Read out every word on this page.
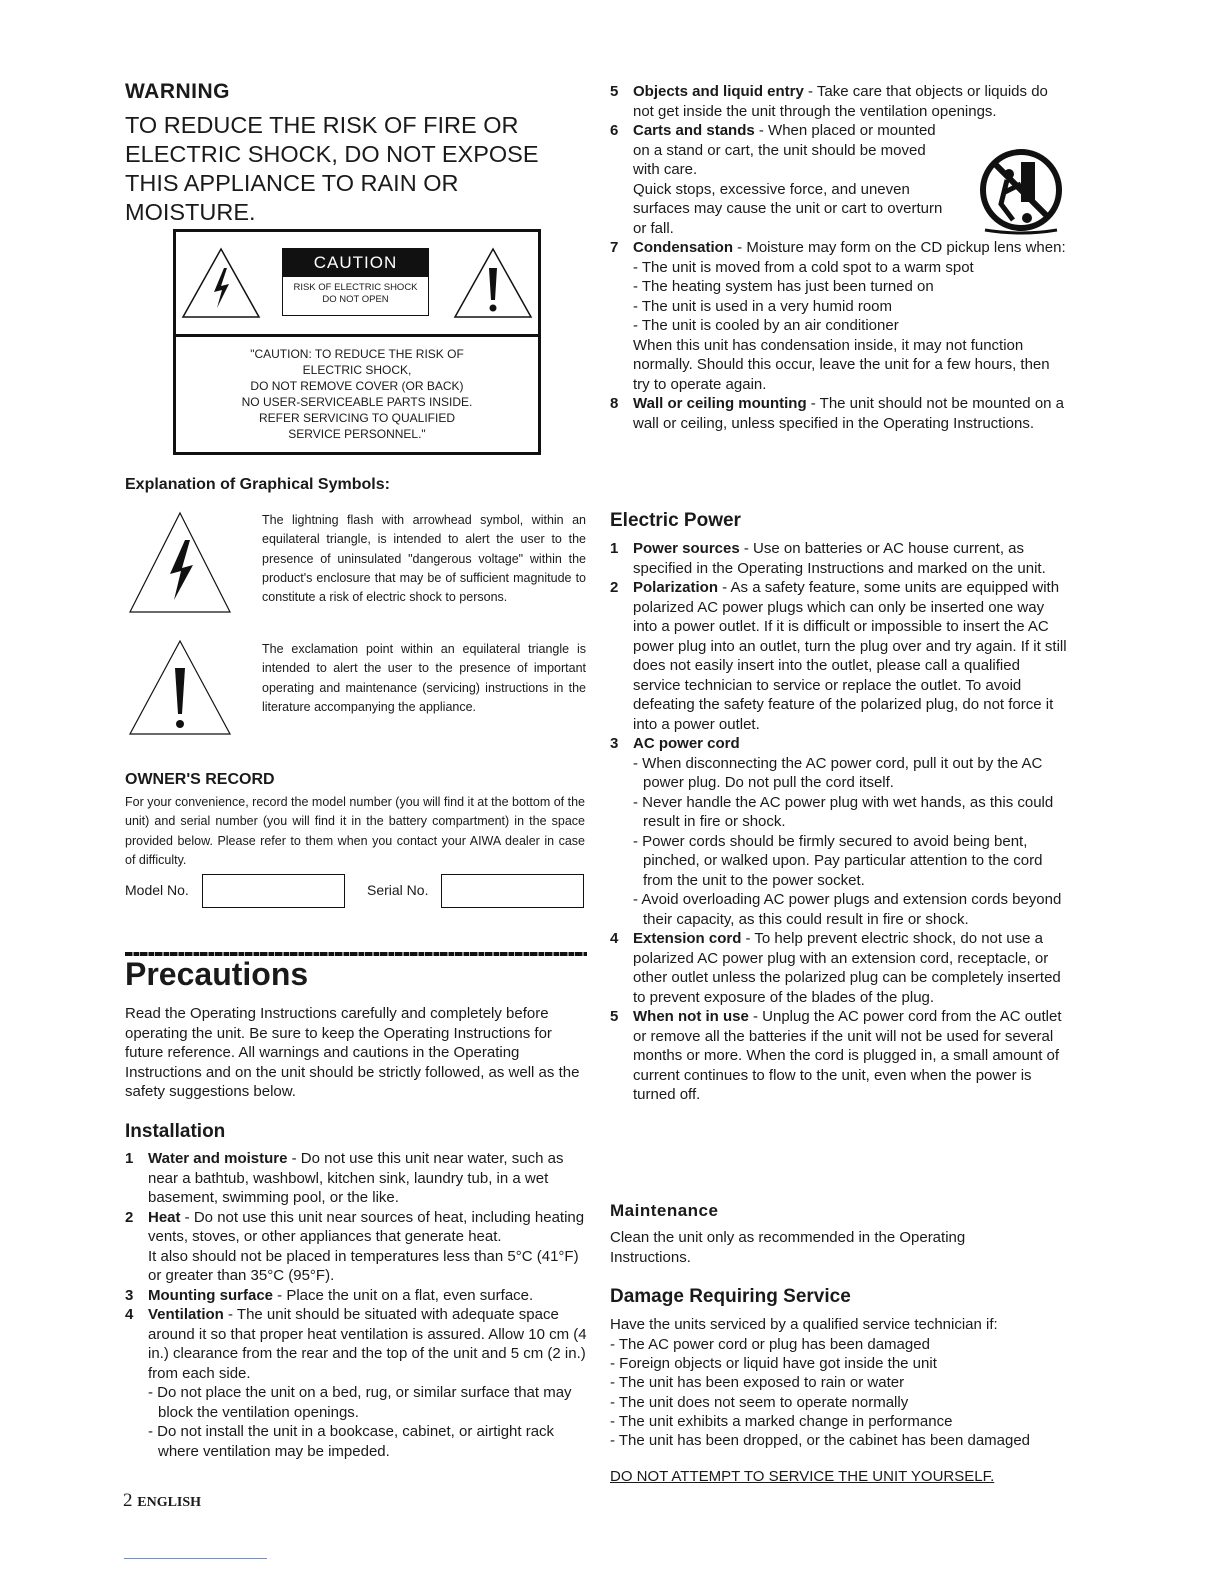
WARNING
TO REDUCE THE RISK OF FIRE OR ELECTRIC SHOCK, DO NOT EXPOSE THIS APPLIANCE TO RAIN OR MOISTURE.
CAUTION
RISK OF ELECTRIC SHOCK
DO NOT OPEN
"CAUTION: TO REDUCE THE RISK OF
ELECTRIC SHOCK,
DO NOT REMOVE COVER (OR BACK)
NO USER-SERVICEABLE PARTS INSIDE.
REFER SERVICING TO QUALIFIED
SERVICE PERSONNEL."
Explanation of Graphical Symbols:
The lightning flash with arrowhead symbol, within an equilateral triangle, is intended to alert the user to the presence of uninsulated "dangerous voltage" within the product's enclosure that may be of sufficient magnitude to constitute a risk of electric shock to persons.
The exclamation point within an equilateral triangle is intended to alert the user to the presence of important operating and maintenance (servicing) instructions in the literature accompanying the appliance.
OWNER'S RECORD
For your convenience, record the model number (you will find it at the bottom of the unit) and serial number (you will find it in the battery compartment) in the space provided below. Please refer to them when you contact your AIWA dealer in case of difficulty.
Model No.	Serial No.
Precautions
Read the Operating Instructions carefully and completely before operating the unit. Be sure to keep the Operating Instructions for future reference. All warnings and cautions in the Operating Instructions and on the unit should be strictly followed, as well as the safety suggestions below.
Installation
1 Water and moisture - Do not use this unit near water, such as near a bathtub, washbowl, kitchen sink, laundry tub, in a wet basement, swimming pool, or the like.
2 Heat - Do not use this unit near sources of heat, including heating vents, stoves, or other appliances that generate heat.
It also should not be placed in temperatures less than 5°C (41°F) or greater than 35°C (95°F).
3 Mounting surface - Place the unit on a flat, even surface.
4 Ventilation - The unit should be situated with adequate space around it so that proper heat ventilation is assured. Allow 10 cm (4 in.) clearance from the rear and the top of the unit and 5 cm (2 in.) from each side.
- Do not place the unit on a bed, rug, or similar surface that may block the ventilation openings.
- Do not install the unit in a bookcase, cabinet, or airtight rack where ventilation may be impeded.
2 ENGLISH
5 Objects and liquid entry - Take care that objects or liquids do not get inside the unit through the ventilation openings.
6 Carts and stands - When placed or mounted on a stand or cart, the unit should be moved with care.
Quick stops, excessive force, and uneven surfaces may cause the unit or cart to overturn or fall.
7 Condensation - Moisture may form on the CD pickup lens when:
- The unit is moved from a cold spot to a warm spot
- The heating system has just been turned on
- The unit is used in a very humid room
- The unit is cooled by an air conditioner
When this unit has condensation inside, it may not function normally. Should this occur, leave the unit for a few hours, then try to operate again.
8 Wall or ceiling mounting - The unit should not be mounted on a wall or ceiling, unless specified in the Operating Instructions.
Electric Power
1 Power sources - Use on batteries or AC house current, as specified in the Operating Instructions and marked on the unit.
2 Polarization - As a safety feature, some units are equipped with polarized AC power plugs which can only be inserted one way into a power outlet. If it is difficult or impossible to insert the AC power plug into an outlet, turn the plug over and try again. If it still does not easily insert into the outlet, please call a qualified service technician to service or replace the outlet. To avoid defeating the safety feature of the polarized plug, do not force it into a power outlet.
3 AC power cord
- When disconnecting the AC power cord, pull it out by the AC power plug. Do not pull the cord itself.
- Never handle the AC power plug with wet hands, as this could result in fire or shock.
- Power cords should be firmly secured to avoid being bent, pinched, or walked upon. Pay particular attention to the cord from the unit to the power socket.
- Avoid overloading AC power plugs and extension cords beyond their capacity, as this could result in fire or shock.
4 Extension cord - To help prevent electric shock, do not use a polarized AC power plug with an extension cord, receptacle, or other outlet unless the polarized plug can be completely inserted to prevent exposure of the blades of the plug.
5 When not in use - Unplug the AC power cord from the AC outlet or remove all the batteries if the unit will not be used for several months or more. When the cord is plugged in, a small amount of current continues to flow to the unit, even when the power is turned off.
Maintenance
Clean the unit only as recommended in the Operating Instructions.
Damage Requiring Service
Have the units serviced by a qualified service technician if:
- The AC power cord or plug has been damaged
- Foreign objects or liquid have got inside the unit
- The unit has been exposed to rain or water
- The unit does not seem to operate normally
- The unit exhibits a marked change in performance
- The unit has been dropped, or the cabinet has been damaged
DO NOT ATTEMPT TO SERVICE THE UNIT YOURSELF.
